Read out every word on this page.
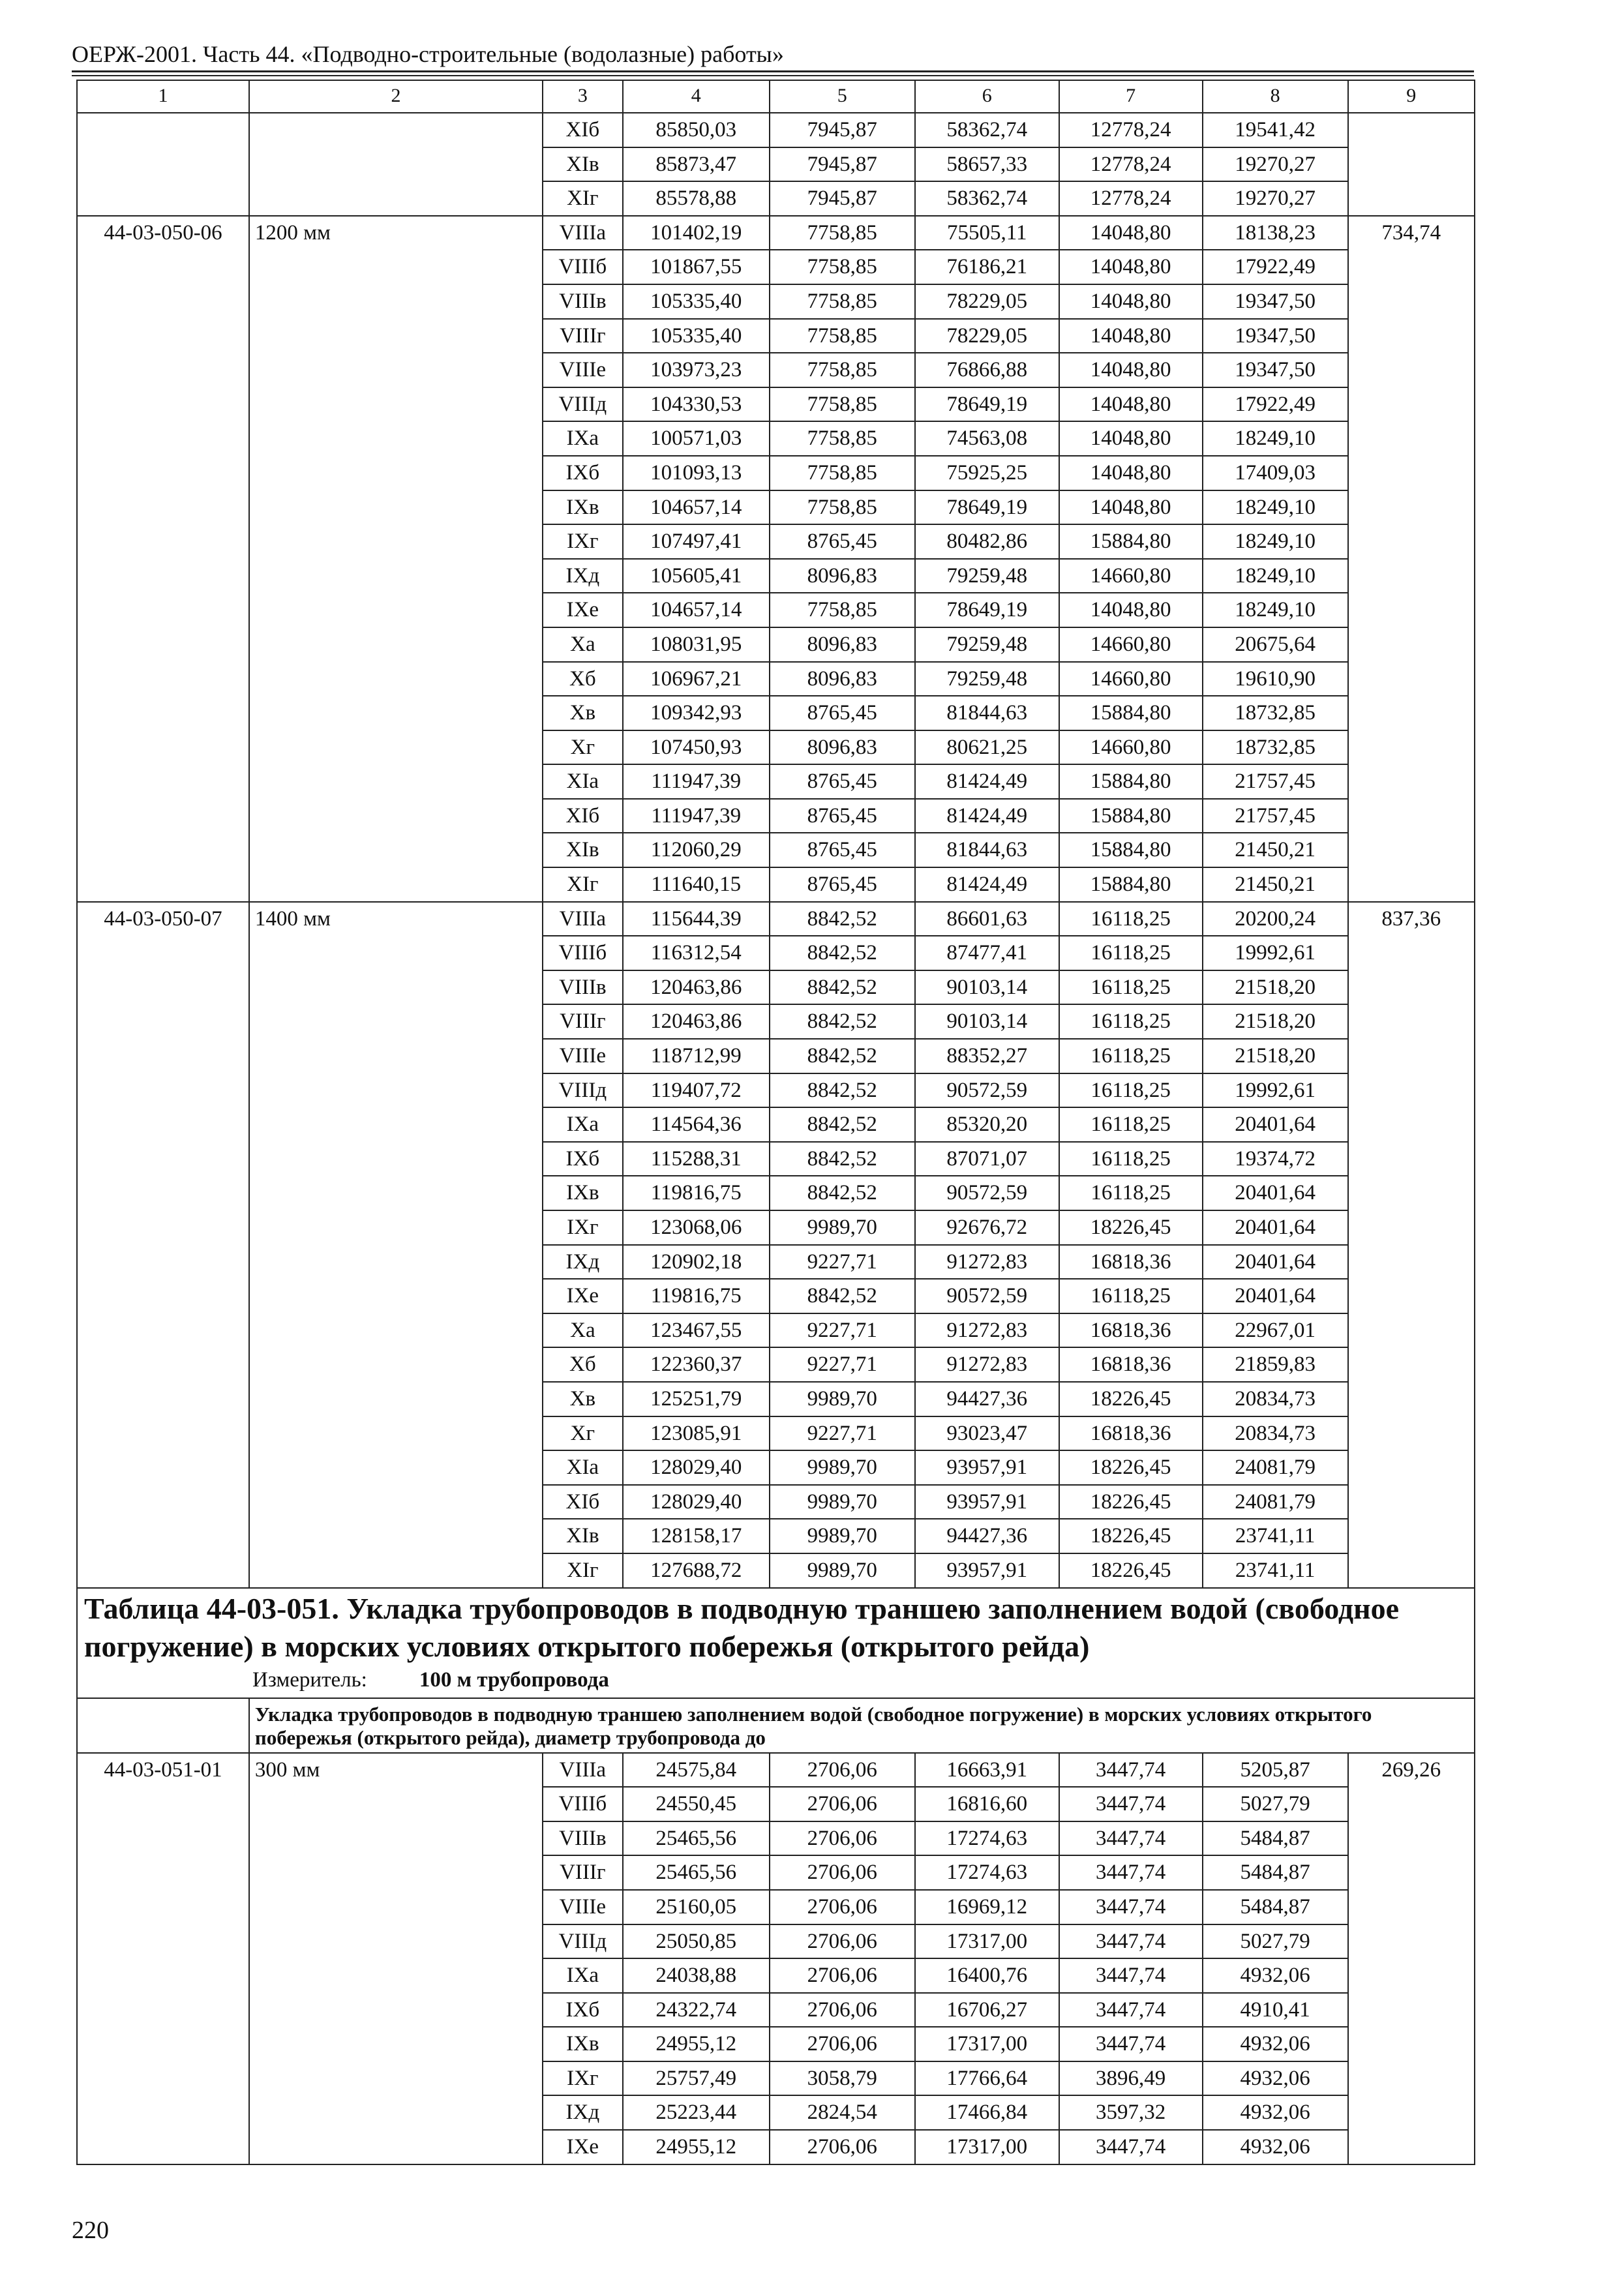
ОЕРЖ-2001. Часть 44. «Подводно-строительные (водолазные) работы»
1	2	3	4	5	6	7	8	9
		ХIб	85850,03	7945,87	58362,74	12778,24	19541,42	
		ХIв	85873,47	7945,87	58657,33	12778,24	19270,27	
		ХIг	85578,88	7945,87	58362,74	12778,24	19270,27	
44-03-050-06	1200 мм	VIIIа	101402,19	7758,85	75505,11	14048,80	18138,23	734,74
		VIIIб	101867,55	7758,85	76186,21	14048,80	17922,49	
		VIIIв	105335,40	7758,85	78229,05	14048,80	19347,50	
		VIIIг	105335,40	7758,85	78229,05	14048,80	19347,50	
		VIIIе	103973,23	7758,85	76866,88	14048,80	19347,50	
		VIIIд	104330,53	7758,85	78649,19	14048,80	17922,49	
		IХа	100571,03	7758,85	74563,08	14048,80	18249,10	
		IХб	101093,13	7758,85	75925,25	14048,80	17409,03	
		IХв	104657,14	7758,85	78649,19	14048,80	18249,10	
		IХг	107497,41	8765,45	80482,86	15884,80	18249,10	
		IХд	105605,41	8096,83	79259,48	14660,80	18249,10	
		IХе	104657,14	7758,85	78649,19	14048,80	18249,10	
		Ха	108031,95	8096,83	79259,48	14660,80	20675,64	
		Хб	106967,21	8096,83	79259,48	14660,80	19610,90	
		Хв	109342,93	8765,45	81844,63	15884,80	18732,85	
		Хг	107450,93	8096,83	80621,25	14660,80	18732,85	
		ХIа	111947,39	8765,45	81424,49	15884,80	21757,45	
		ХIб	111947,39	8765,45	81424,49	15884,80	21757,45	
		ХIв	112060,29	8765,45	81844,63	15884,80	21450,21	
		ХIг	111640,15	8765,45	81424,49	15884,80	21450,21	
44-03-050-07	1400 мм	VIIIа	115644,39	8842,52	86601,63	16118,25	20200,24	837,36
		VIIIб	116312,54	8842,52	87477,41	16118,25	19992,61	
		VIIIв	120463,86	8842,52	90103,14	16118,25	21518,20	
		VIIIг	120463,86	8842,52	90103,14	16118,25	21518,20	
		VIIIе	118712,99	8842,52	88352,27	16118,25	21518,20	
		VIIIд	119407,72	8842,52	90572,59	16118,25	19992,61	
		IХа	114564,36	8842,52	85320,20	16118,25	20401,64	
		IХб	115288,31	8842,52	87071,07	16118,25	19374,72	
		IХв	119816,75	8842,52	90572,59	16118,25	20401,64	
		IХг	123068,06	9989,70	92676,72	18226,45	20401,64	
		IХд	120902,18	9227,71	91272,83	16818,36	20401,64	
		IХе	119816,75	8842,52	90572,59	16118,25	20401,64	
		Ха	123467,55	9227,71	91272,83	16818,36	22967,01	
		Хб	122360,37	9227,71	91272,83	16818,36	21859,83	
		Хв	125251,79	9989,70	94427,36	18226,45	20834,73	
		Хг	123085,91	9227,71	93023,47	16818,36	20834,73	
		ХIа	128029,40	9989,70	93957,91	18226,45	24081,79	
		ХIб	128029,40	9989,70	93957,91	18226,45	24081,79	
		ХIв	128158,17	9989,70	94427,36	18226,45	23741,11	
		ХIг	127688,72	9989,70	93957,91	18226,45	23741,11	

Таблица 44-03-051. Укладка трубопроводов в подводную траншею заполнением водой (свободное погружение) в морских условиях открытого побережья (открытого рейда)
Измеритель: 100 м трубопровода								

	Укладка трубопроводов в подводную траншею заполнением водой (свободное погружение) в морских условиях открытого побережья (открытого рейда), диаметр трубопровода до							
44-03-051-01	300 мм	VIIIа	24575,84	2706,06	16663,91	3447,74	5205,87	269,26
		VIIIб	24550,45	2706,06	16816,60	3447,74	5027,79	
		VIIIв	25465,56	2706,06	17274,63	3447,74	5484,87	
		VIIIг	25465,56	2706,06	17274,63	3447,74	5484,87	
		VIIIе	25160,05	2706,06	16969,12	3447,74	5484,87	
		VIIIд	25050,85	2706,06	17317,00	3447,74	5027,79	
		IХа	24038,88	2706,06	16400,76	3447,74	4932,06	
		IХб	24322,74	2706,06	16706,27	3447,74	4910,41	
		IХв	24955,12	2706,06	17317,00	3447,74	4932,06	
		IХг	25757,49	3058,79	17766,64	3896,49	4932,06	
		IХд	25223,44	2824,54	17466,84	3597,32	4932,06	
		IХе	24955,12	2706,06	17317,00	3447,74	4932,06	
220
